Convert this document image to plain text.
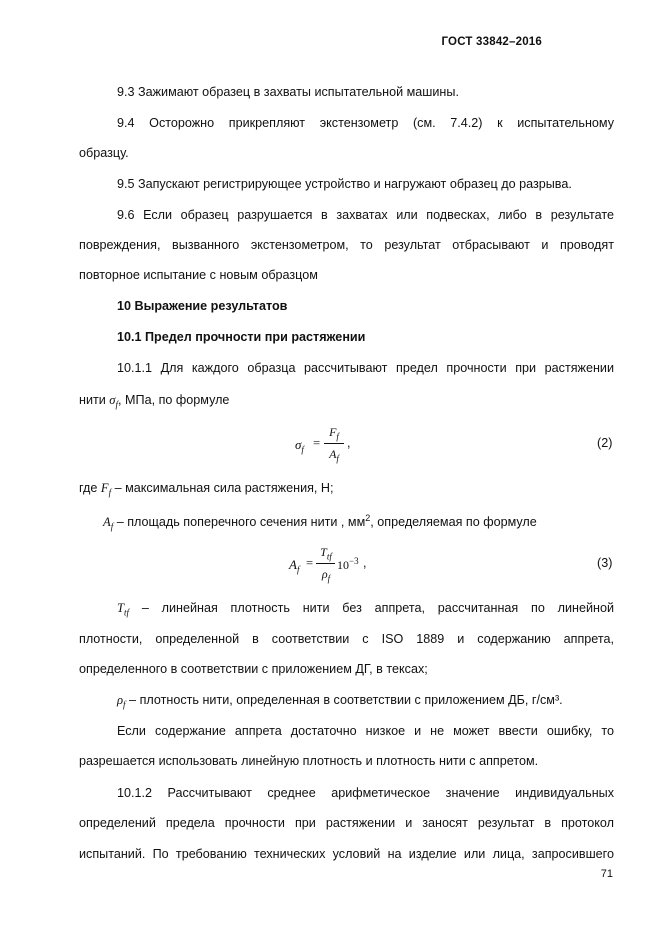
ГОСТ 33842–2016
9.3 Зажимают образец в захваты испытательной машины.
9.4 Осторожно прикрепляют экстензометр (см. 7.4.2) к испытательному
образцу.
9.5 Запускают регистрирующее устройство и нагружают образец до разрыва.
9.6 Если образец разрушается в захватах или подвесках, либо в результате
повреждения, вызванного экстензометром, то результат отбрасывают и проводят
повторное испытание с новым образцом
10 Выражение результатов
10.1 Предел прочности при растяжении
10.1.1 Для каждого образца рассчитывают предел прочности при растяжении
нити $\sigma_f$, МПа, по формуле
$\sigma_f$ =
$F_f$
$A_f$
,	(2)
где $F_f$ – максимальная сила растяжения, Н;
$A_f$ – площадь поперечного сечения нити , $мм^2$, определяемая по формуле
$A_f$ =
$T_{tf}$
$\rho_f$
$10^{-3}$ ,	(3)
$T_{tf}$ – линейная плотность нити без аппрета, рассчитанная по линейной
плотности, определенной в соответствии с ISO 1889 и содержанию аппрета,
определенного в соответствии с приложением ДГ, в тексах;
$\rho_f$ – плотность нити, определенная в соответствии с приложением ДБ, г/см³.
Если содержание аппрета достаточно низкое и не может ввести ошибку, то
разрешается использовать линейную плотность и плотность нити с аппретом.
10.1.2 Рассчитывают среднее арифметическое значение индивидуальных
определений предела прочности при растяжении и заносят результат в протокол
испытаний. По требованию технических условий на изделие или лица, запросившего
71
